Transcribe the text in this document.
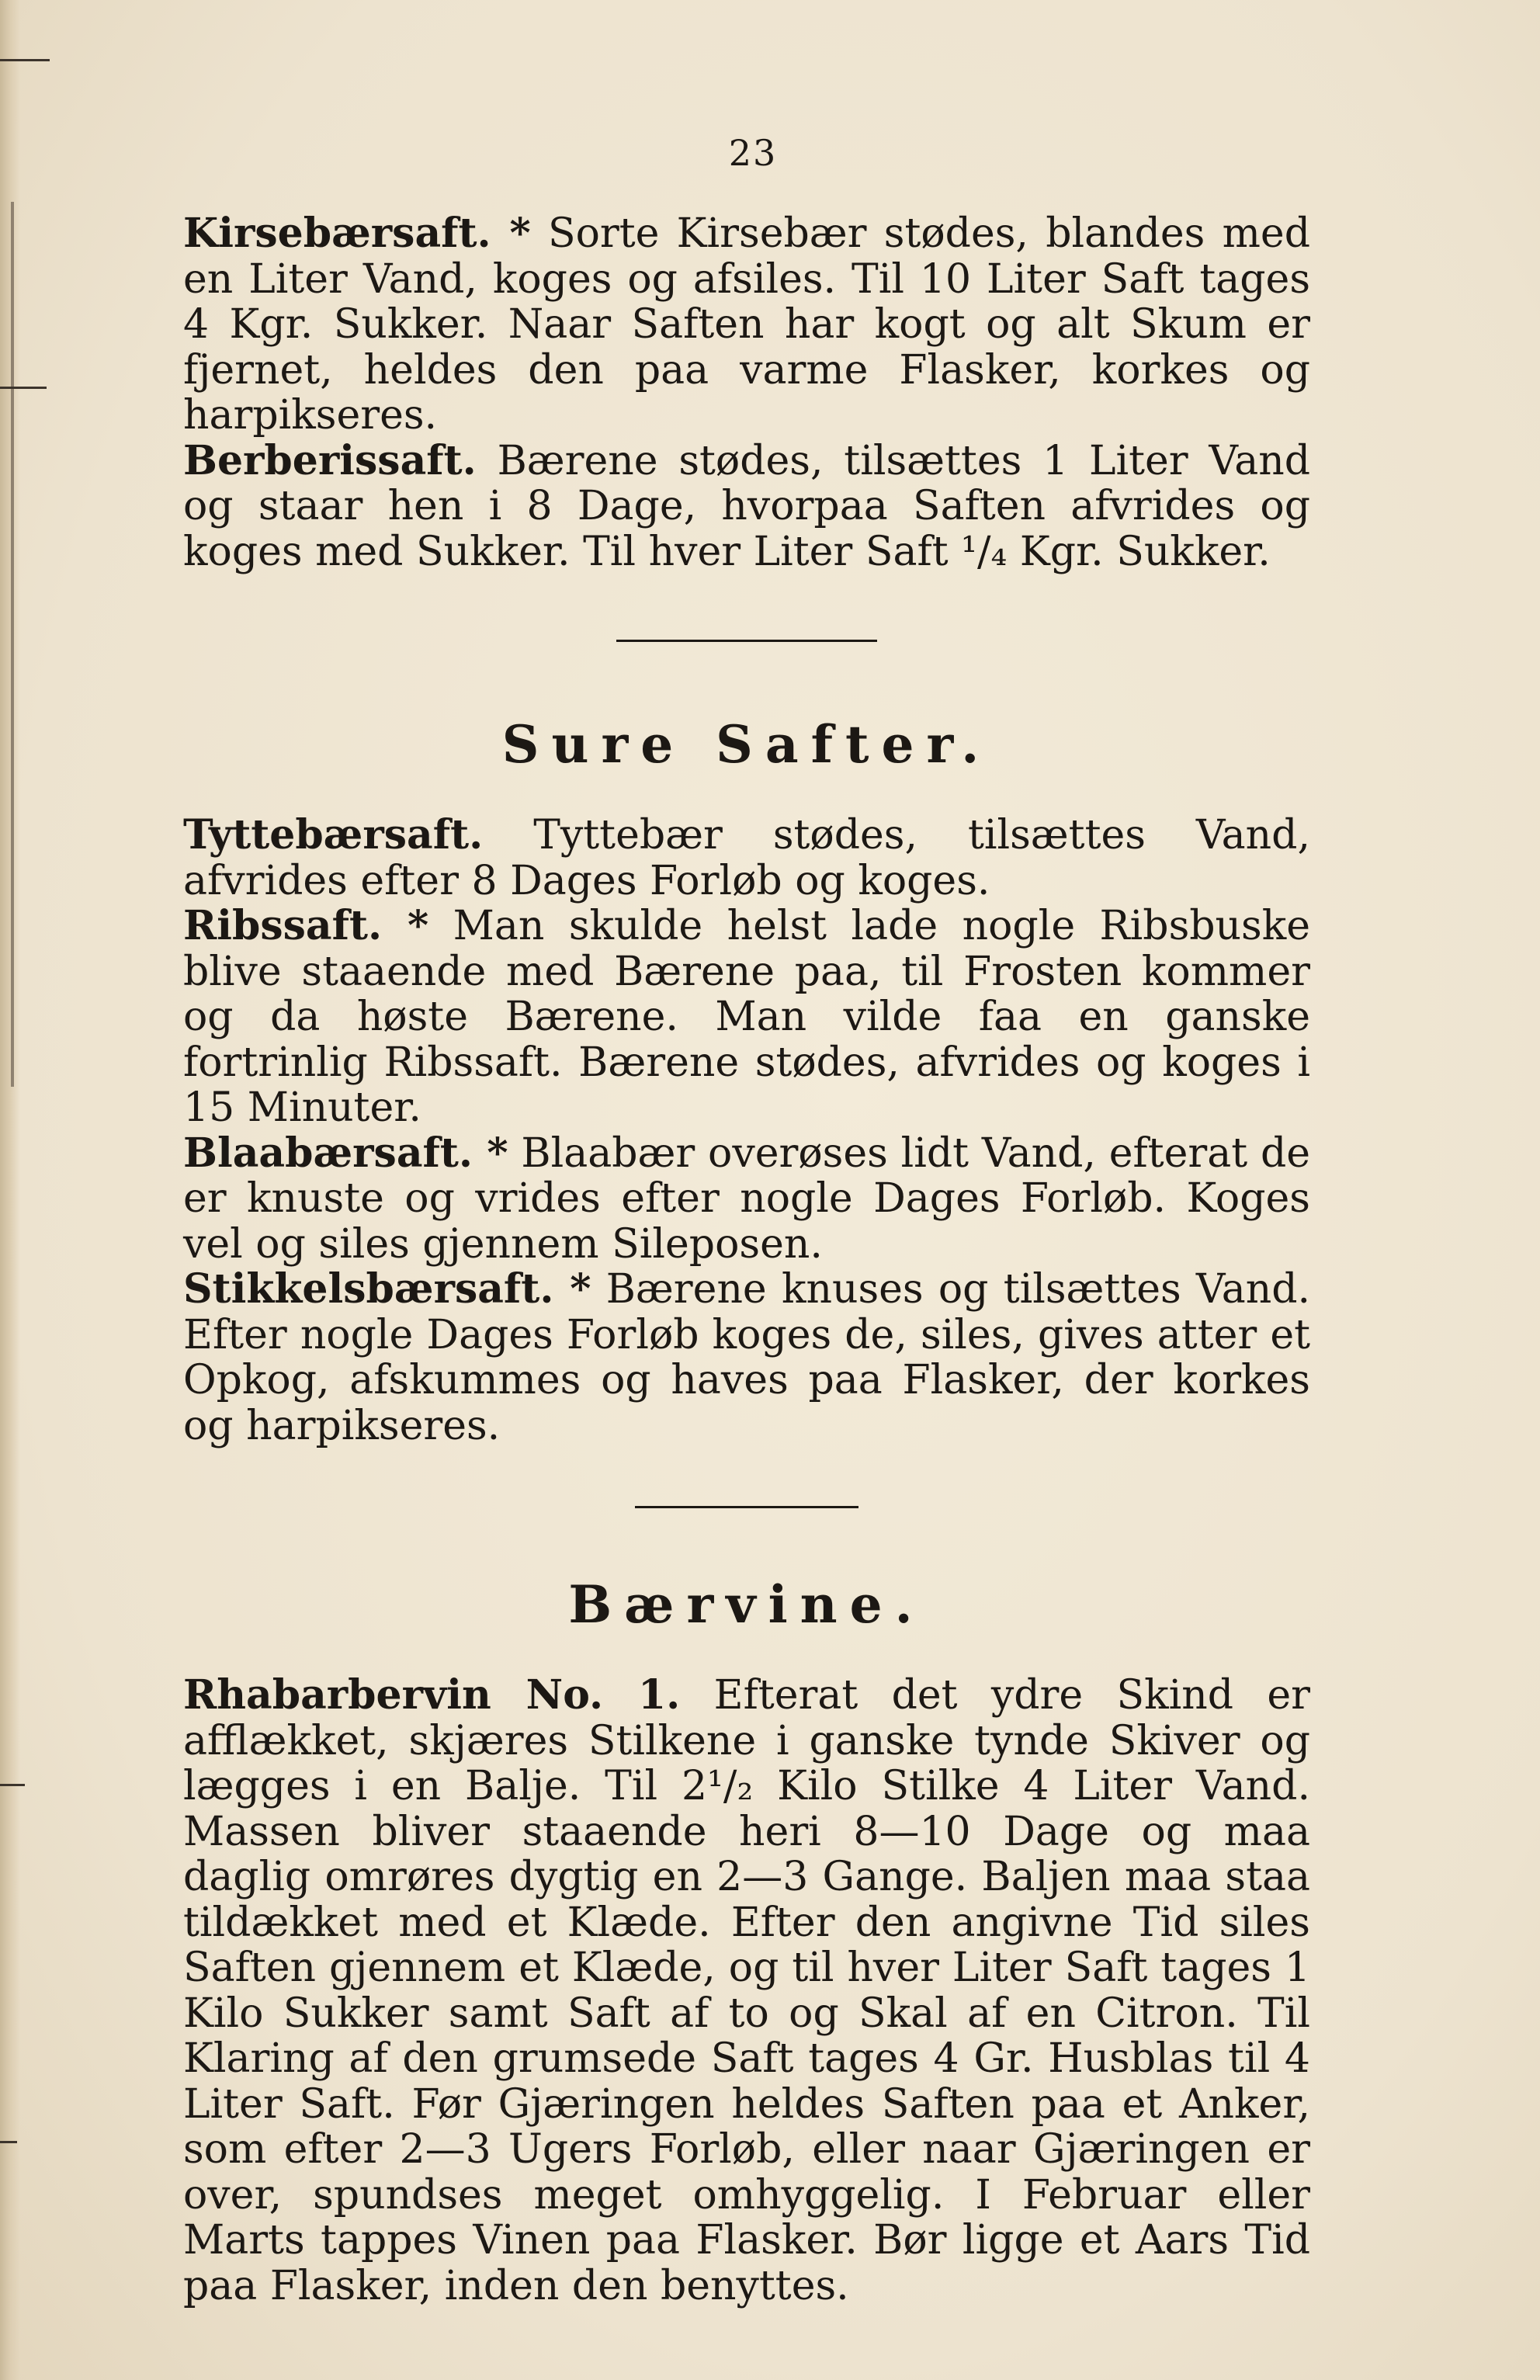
23

Kirsebærsaft. * Sorte Kirsebær stødes, blandes med en Liter Vand, koges og afsiles. Til 10 Liter Saft tages 4 Kgr. Sukker. Naar Saften har kogt og alt Skum er fjernet, heldes den paa varme Flasker, korkes og harpikseres.

Berberissaft. Bærene stødes, tilsættes 1 Liter Vand og staar hen i 8 Dage, hvorpaa Saften afvrides og koges med Sukker. Til hver Liter Saft ¹/₄ Kgr. Sukker.

Sure Safter.

Tyttebærsaft. Tyttebær stødes, tilsættes Vand, afvrides efter 8 Dages Forløb og koges.

Ribssaft. * Man skulde helst lade nogle Ribsbuske blive staaende med Bærene paa, til Frosten kommer og da høste Bærene. Man vilde faa en ganske fortrinlig Ribssaft. Bærene stødes, afvrides og koges i 15 Minuter.

Blaabærsaft. * Blaabær overøses lidt Vand, efterat de er knuste og vrides efter nogle Dages Forløb. Koges vel og siles gjennem Sileposen.

Stikkelsbærsaft. * Bærene knuses og tilsættes Vand. Efter nogle Dages Forløb koges de, siles, gives atter et Opkog, afskummes og haves paa Flasker, der korkes og harpikseres.

Bærvine.

Rhabarbervin No. 1. Efterat det ydre Skind er afflækket, skjæres Stilkene i ganske tynde Skiver og lægges i en Balje. Til 2¹/₂ Kilo Stilke 4 Liter Vand. Massen bliver staaende heri 8—10 Dage og maa daglig omrøres dygtig en 2—3 Gange. Baljen maa staa tildækket med et Klæde. Efter den angivne Tid siles Saften gjennem et Klæde, og til hver Liter Saft tages 1 Kilo Sukker samt Saft af to og Skal af en Citron. Til Klaring af den grumsede Saft tages 4 Gr. Husblas til 4 Liter Saft. Før Gjæringen heldes Saften paa et Anker, som efter 2—3 Ugers Forløb, eller naar Gjæringen er over, spundses meget omhyggelig. I Februar eller Marts tappes Vinen paa Flasker. Bør ligge et Aars Tid paa Flasker, inden den benyttes.
